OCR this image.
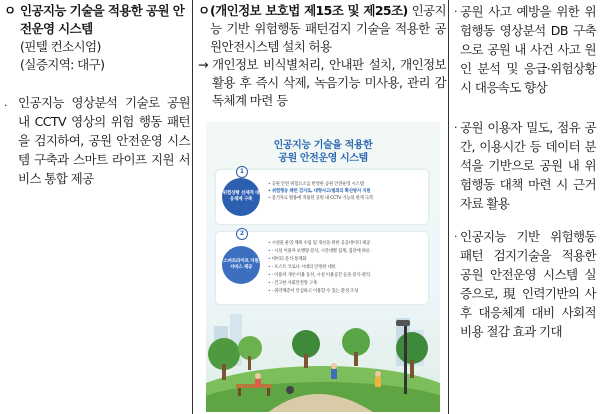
ㅇ 인공지능 기술을 적용한 공원 안전운영 시스템

(핀텔 컨소시엄)

(실증지역: 대구)

· 인공지능 영상분석 기술로 공원 내 CCTV 영상의 위험 행동 패턴을 검지하여, 공원 안전운영 시스템 구축과 스마트 라이프 지원 서비스 통합 제공

ㅇ (개인정보 보호법 제15조 및 제25조) 인공지능 기반 위험행동 패턴검지 기술을 적용한 공원안전시스템 설치 허용

→ 개인정보 비식별처리, 안내판 설치, 개인정보 활용 후 즉시 삭제, 녹음기능 미사용, 관리 감독체계 마련 등

· 공원 사고 예방을 위한 위험행동 영상분석 DB 구축으로 공원 내 사건 사고 원인 분석 및 응급·위험상황 시 대응속도 향상

· 공원 이용자 밀도, 점유 공간, 이용시간 등 데이터 분석을 기반으로 공원 내 위험행동 대책 마련 시 근거자료 활용

· 인공지능 기반 위험행동 패턴 검지기술을 적용한 공원 안전운영 시스템 실증으로, 現 인력기반의 사후 대응체계 대비 사회적 비용 절감 효과 기대

인공지능 기술을 적용한
공원 안전운영 시스템
위험상황 선제적 대응체계 구축
1
• 공원 안전 위험요소를 반영한 공원 안전운영 시스템
• 위험행동 패턴 검지로, 대형사고/범죄의 확산방지 지원
• 증거자료 활용에 적용된 공원 내 CCTV 기능의 한계 극복
스마트라이프 지원 서비스 제공
2
• 시설물 운영 계획 수립 및 개선을 위한 공공데이터 제공
• - 시설 이용자 보행량 분석, 시간대별 집계, 집단에 따른
• 데이터 분석·통계화
• - 포스트 코로나 시대의 안정한 대비
• - 이용자 개선·이용 동선, 시설 이용공간 등을 분석·관리
• - 건고한 사회안전망 구축
• - 취약계층이 안심하고 이용할 수 있는 환경 조성
